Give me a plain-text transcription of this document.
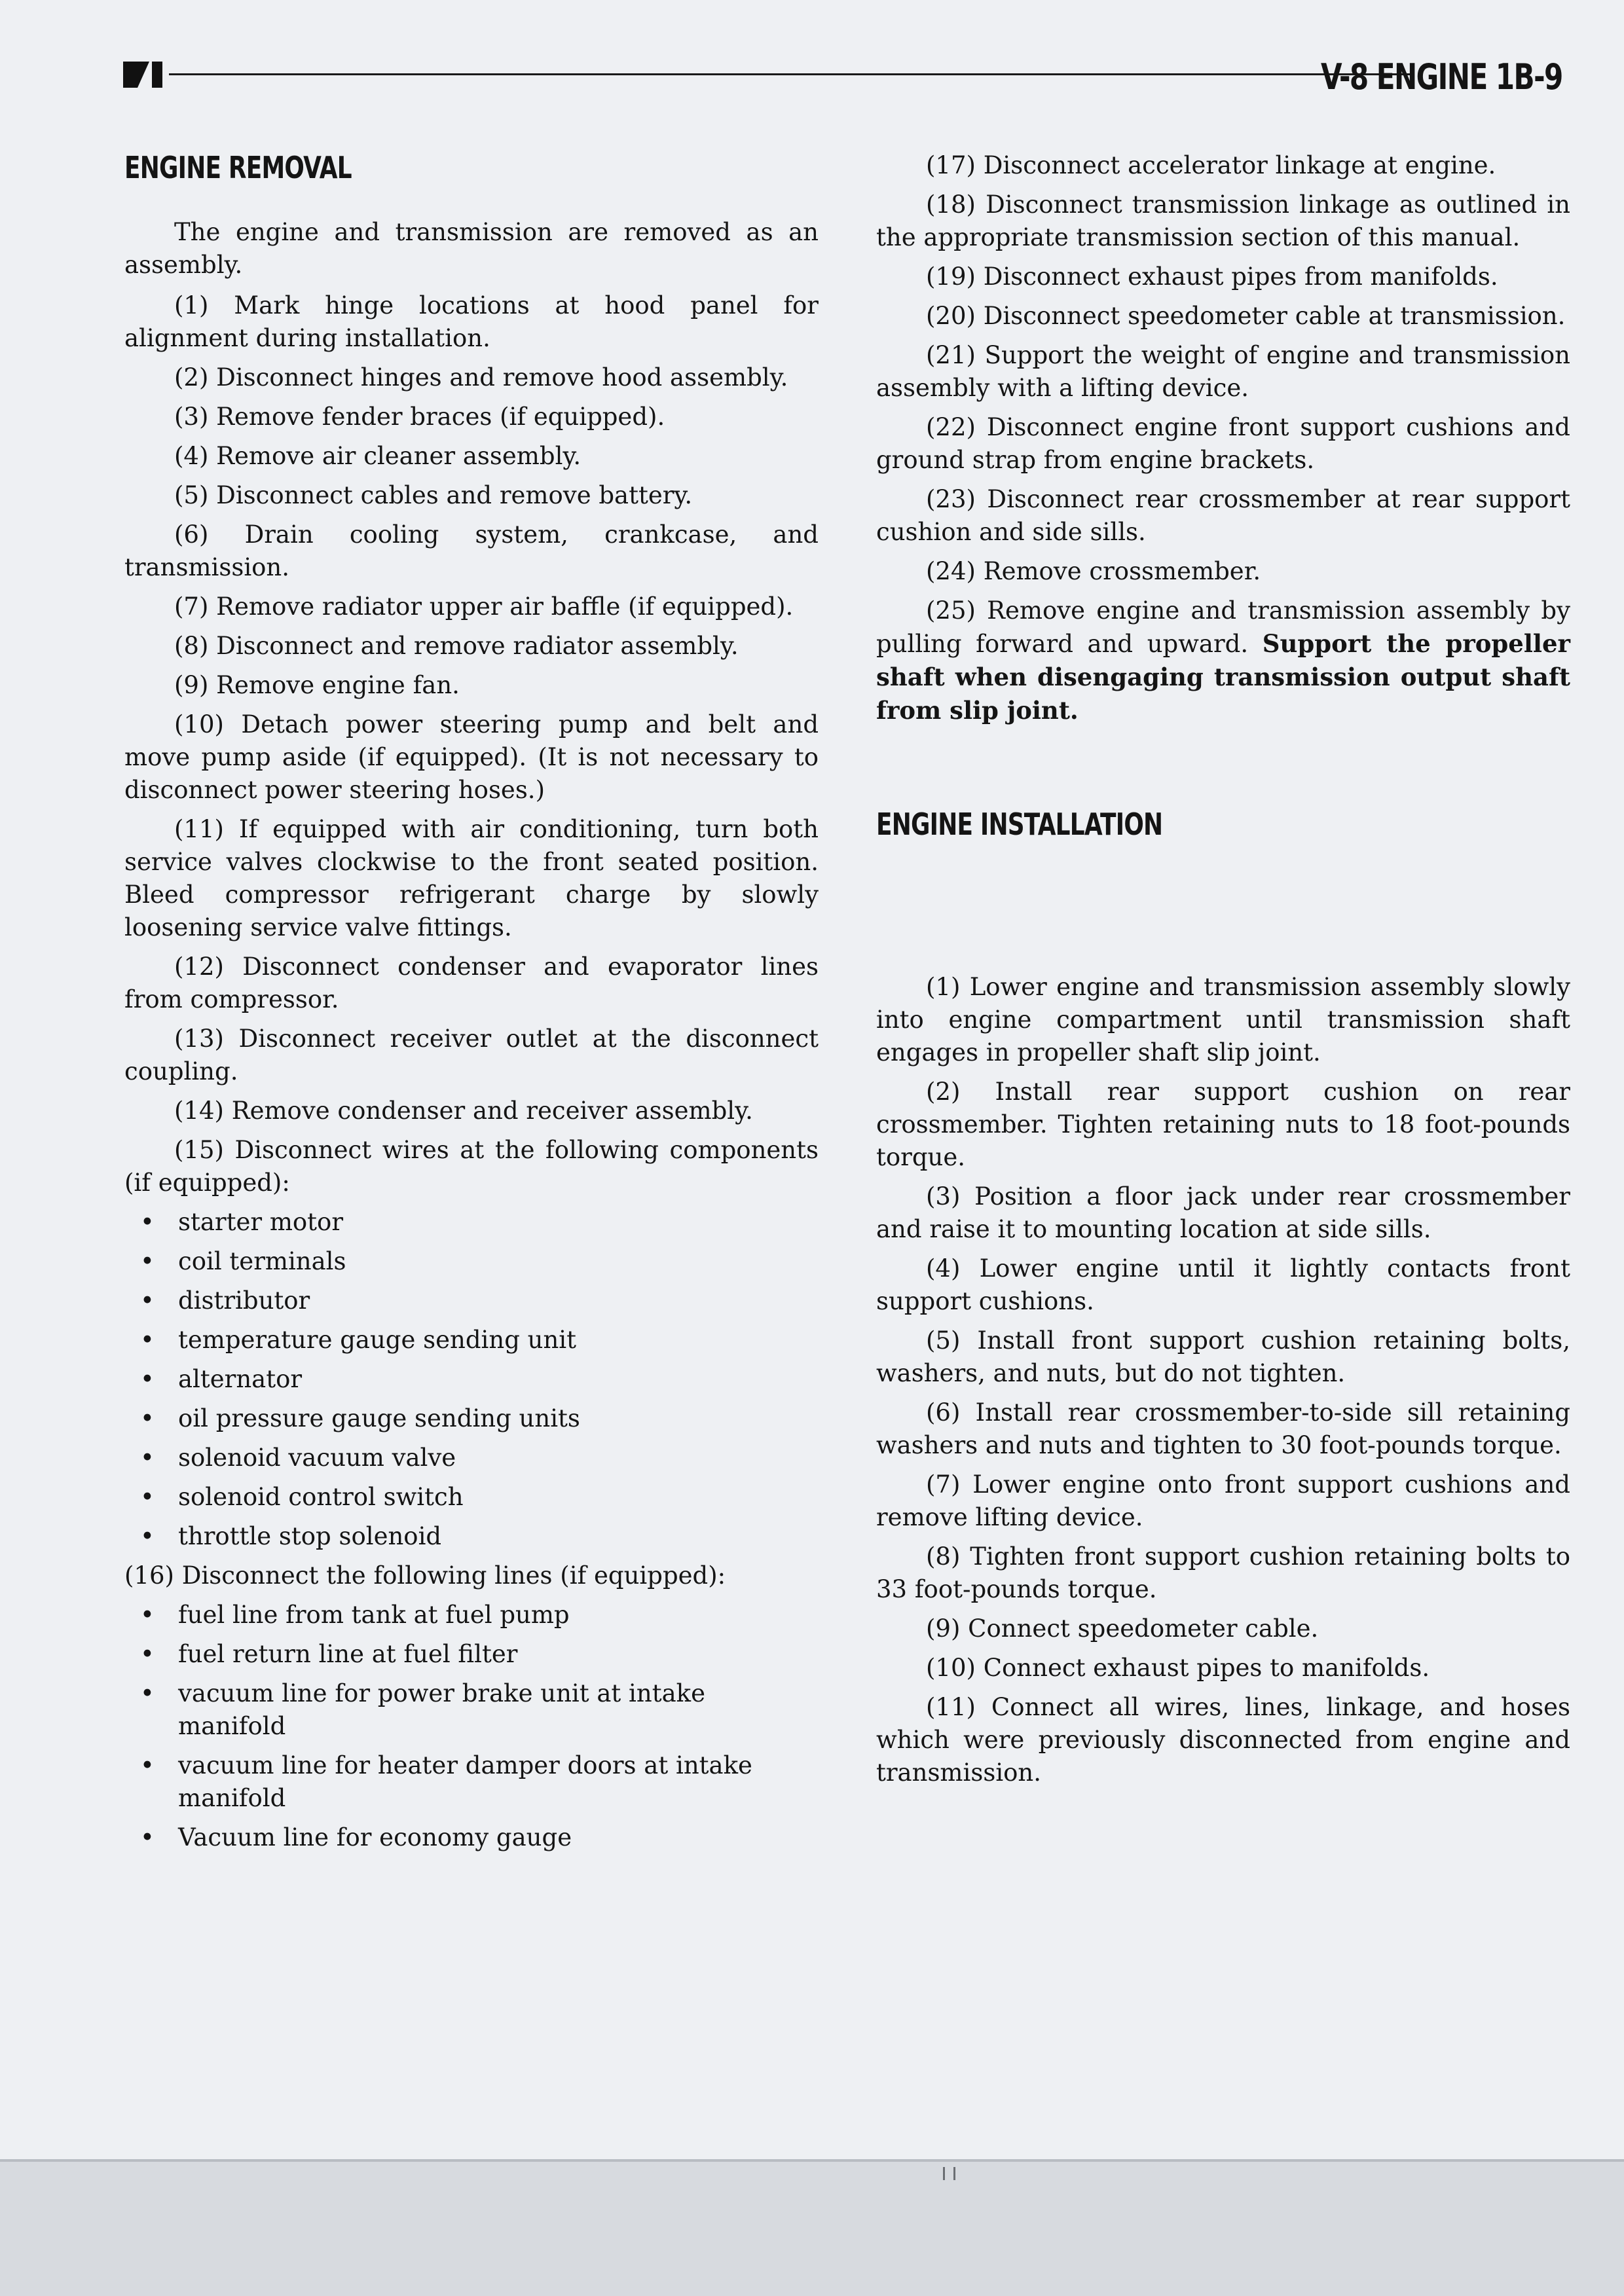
V-8 ENGINE 1B-9
ENGINE REMOVAL

The engine and transmission are removed as an assembly.

(1) Mark hinge locations at hood panel for alignment during installation.

(2) Disconnect hinges and remove hood assembly.

(3) Remove fender braces (if equipped).

(4) Remove air cleaner assembly.

(5) Disconnect cables and remove battery.

(6) Drain cooling system, crankcase, and transmission.

(7) Remove radiator upper air baffle (if equipped).

(8) Disconnect and remove radiator assembly.

(9) Remove engine fan.

(10) Detach power steering pump and belt and move pump aside (if equipped). (It is not necessary to disconnect power steering hoses.)

(11) If equipped with air conditioning, turn both service valves clockwise to the front seated position. Bleed compressor refrigerant charge by slowly loosening service valve fittings.

(12) Disconnect condenser and evaporator lines from compressor.

(13) Disconnect receiver outlet at the disconnect coupling.

(14) Remove condenser and receiver assembly.

(15) Disconnect wires at the following components (if equipped):

• starter motor
• coil terminals
• distributor
• temperature gauge sending unit
• alternator
• oil pressure gauge sending units
• solenoid vacuum valve
• solenoid control switch
• throttle stop solenoid

(16) Disconnect the following lines (if equipped):

• fuel line from tank at fuel pump
• fuel return line at fuel filter
• vacuum line for power brake unit at intake manifold
• vacuum line for heater damper doors at intake manifold
• Vacuum line for economy gauge

(17) Disconnect accelerator linkage at engine.

(18) Disconnect transmission linkage as outlined in the appropriate transmission section of this manual.

(19) Disconnect exhaust pipes from manifolds.

(20) Disconnect speedometer cable at transmission.

(21) Support the weight of engine and transmission assembly with a lifting device.

(22) Disconnect engine front support cushions and ground strap from engine brackets.

(23) Disconnect rear crossmember at rear support cushion and side sills.

(24) Remove crossmember.

(25) Remove engine and transmission assembly by pulling forward and upward. Support the propeller shaft when disengaging transmission output shaft from slip joint.

ENGINE INSTALLATION

(1) Lower engine and transmission assembly slowly into engine compartment until transmission shaft engages in propeller shaft slip joint.

(2) Install rear support cushion on rear crossmember. Tighten retaining nuts to 18 foot-pounds torque.

(3) Position a floor jack under rear crossmember and raise it to mounting location at side sills.

(4) Lower engine until it lightly contacts front support cushions.

(5) Install front support cushion retaining bolts, washers, and nuts, but do not tighten.

(6) Install rear crossmember-to-side sill retaining washers and nuts and tighten to 30 foot-pounds torque.

(7) Lower engine onto front support cushions and remove lifting device.

(8) Tighten front support cushion retaining bolts to 33 foot-pounds torque.

(9) Connect speedometer cable.

(10) Connect exhaust pipes to manifolds.

(11) Connect all wires, lines, linkage, and hoses which were previously disconnected from engine and transmission.
